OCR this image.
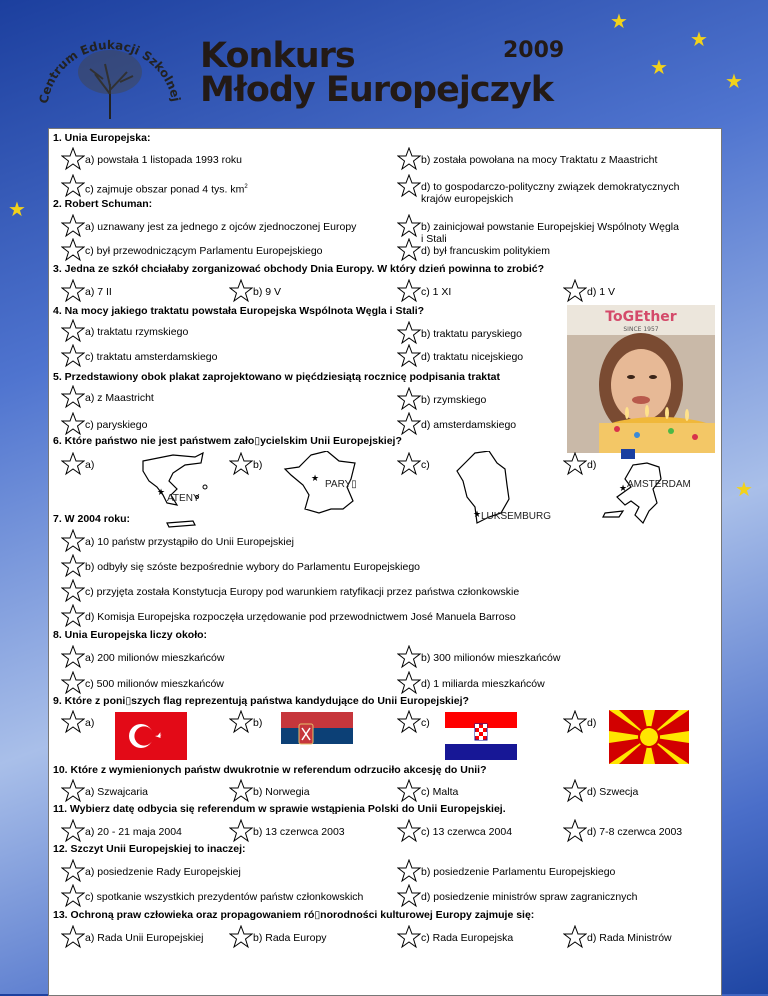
★
★
★
★
★
★
Centrum Edukacji Szkolnej
Konkurs
Młody Europejczyk
2009
1. Unia Europejska:
a) powstała 1 listopada 1993 roku	b) została powołana na mocy Traktatu z Maastricht
c) zajmuje obszar ponad 4 tys. $km^2$	d) to gospodarczo-polityczny związek demokratycznych
krajów europejskich
2. Robert Schuman:
a) uznawany jest za jednego z ojców zjednoczonej Europy	b) zainicjował powstanie Europejskiej Wspólnoty Węgla
i Stali
c) był przewodniczącym Parlamentu Europejskiego	d) był francuskim politykiem
3. Jedna ze szkół chciałaby zorganizować obchody Dnia Europy. W który dzień powinna to zrobić?
a) 7 II	b) 9 V	c) 1 XI	d) 1 V
4. Na mocy jakiego traktatu powstała Europejska Wspólnota Węgla i Stali?
a) traktatu rzymskiego	b) traktatu paryskiego
c) traktatu amsterdamskiego	d) traktatu nicejskiego
ToGEther
SINCE 1957
5. Przedstawiony obok plakat zaprojektowano w pięćdziesiątą rocznicę podpisania traktat
a) z Maastricht	b) rzymskiego
c) paryskiego	d) amsterdamskiego
6. Które państwo nie jest państwem zało▯ycielskim Unii Europejskiej?
a)	b)	c)	d)
★
ATENY
★
PARY▯
★ LUKSEMBURG
★ AMSTERDAM
7. W 2004 roku:
a) 10 państw przystąpiło do Unii Europejskiej
b) odbyły się szóste bezpośrednie wybory do Parlamentu Europejskiego
c) przyjęta została Konstytucja Europy pod warunkiem ratyfikacji przez państwa członkowskie
d) Komisja Europejska rozpoczęła urzędowanie pod przewodnictwem José Manuela Barroso
8. Unia Europejska liczy około:
a) 200 milionów mieszkańców	b) 300 milionów mieszkańców
c) 500 milionów mieszkańców	d) 1 miliarda mieszkańców
9. Które z poni▯szych flag reprezentują państwa kandydujące do Unii Europejskiej?
a)	b)	c)	d)
10. Które z wymienionych państw dwukrotnie w referendum odrzuciło akcesję do Unii?
a) Szwajcaria	b) Norwegia	c) Malta	d) Szwecja
11. Wybierz datę odbycia się referendum w sprawie wstąpienia Polski do Unii Europejskiej.
a) 20 - 21 maja 2004	b) 13 czerwca 2003	c) 13 czerwca 2004	d) 7-8 czerwca 2003
12. Szczyt Unii Europejskiej to inaczej:
a) posiedzenie Rady Europejskiej	b) posiedzenie Parlamentu Europejskiego
c) spotkanie wszystkich prezydentów państw członkowskich	d) posiedzenie ministrów spraw zagranicznych
13. Ochroną praw człowieka oraz propagowaniem ró▯norodności kulturowej Europy zajmuje się:
a) Rada Unii Europejskiej	b) Rada Europy	c) Rada Europejska	d) Rada Ministrów
